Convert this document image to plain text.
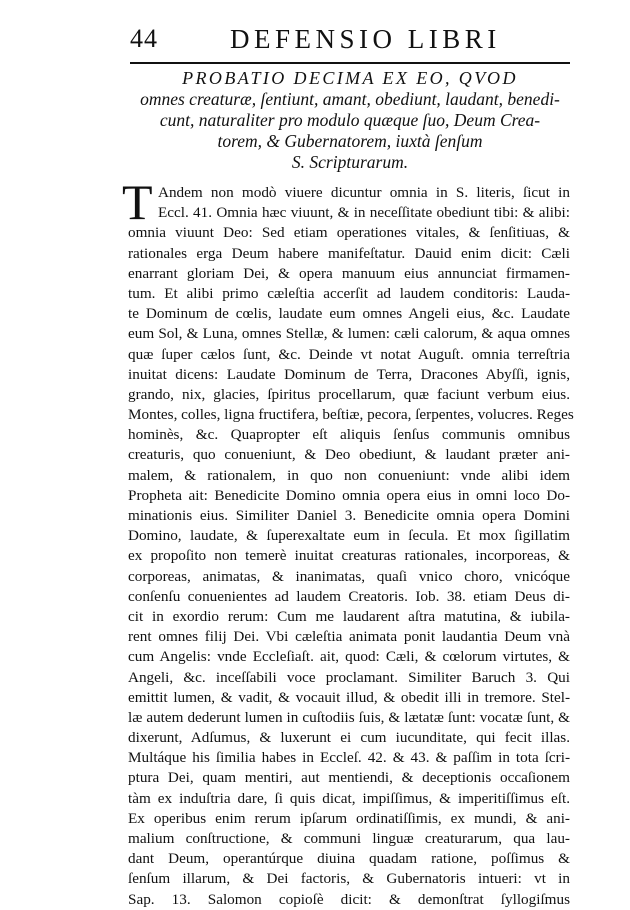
44	DEFENSIO LIBRI
PROBATIO DECIMA EX EO, QVOD
omnes creaturæ, ſentiunt, amant, obediunt, laudant, benedi-
cunt, naturaliter pro modulo quæque ſuo, Deum Crea-
torem, & Gubernatorem, iuxtà ſenſum
S. Scripturarum.
T Andem non modò viuere dicuntur omnia in S. literis, ſicut in
Eccl. 41. Omnia hæc viuunt, & in neceſſitate obediunt tibi: & alibi:
omnia viuunt Deo: Sed etiam operationes vitales, & ſenſitiuas, &
rationales erga Deum habere manifeſtatur. Dauid enim dicit: Cæli
enarrant gloriam Dei, & opera manuum eius annunciat firmamen-
tum. Et alibi primo cæleſtia accerſit ad laudem conditoris: Lauda-
te Dominum de cœlis, laudate eum omnes Angeli eius, &c. Laudate
eum Sol, & Luna, omnes Stellæ, & lumen: cæli calorum, & aqua omnes
quæ ſuper cælos ſunt, &c. Deinde vt notat Auguſt. omnia terreſtria
inuitat dicens: Laudate Dominum de Terra, Dracones Abyſſi, ignis,
grando, nix, glacies, ſpiritus procellarum, quæ faciunt verbum eius.
Montes, colles, ligna fructifera, beſtiæ, pecora, ſerpentes, volucres. Reges
hominès, &c. Quapropter eſt aliquis ſenſus communis omnibus
creaturis, quo conueniunt, & Deo obediunt, & laudant præter ani-
malem, & rationalem, in quo non conueniunt: vnde alibi idem
Propheta ait: Benedicite Domino omnia opera eius in omni loco Do-
minationis eius. Similiter Daniel 3. Benedicite omnia opera Domini
Domino, laudate, & ſuperexaltate eum in ſecula. Et mox ſigillatim
ex propoſito non temerè inuitat creaturas rationales, incorporeas, &
corporeas, animatas, & inanimatas, quaſi vnico choro, vnicóque
conſenſu conuenientes ad laudem Creatoris. Iob. 38. etiam Deus di-
cit in exordio rerum: Cum me laudarent aſtra matutina, & iubila-
rent omnes filij Dei. Vbi cæleſtia animata ponit laudantia Deum vnà
cum Angelis: vnde Eccleſiaſt. ait, quod: Cæli, & cœlorum virtutes, &
Angeli, &c. inceſſabili voce proclamant. Similiter Baruch 3. Qui
emittit lumen, & vadit, & vocauit illud, & obedit illi in tremore. Stel-
læ autem dederunt lumen in cuſtodiis ſuis, & lætatæ ſunt: vocatæ ſunt, &
dixerunt, Adſumus, & luxerunt ei cum iucunditate, qui fecit illas.
Multáque his ſimilia habes in Eccleſ. 42. & 43. & paſſim in tota ſcri-
ptura Dei, quam mentiri, aut mentiendi, & deceptionis occaſionem
tàm ex induſtria dare, ſi quis dicat, impiſſimus, & imperitiſſimus eſt.
Ex operibus enim rerum ipſarum ordinatiſſimis, ex mundi, & ani-
malium conſtructione, & communi linguæ creaturarum, qua lau-
dant Deum, operantúrque diuina quadam ratione, poſſimus &
ſenſum illarum, & Dei factoris, & Gubernatoris intueri: vt in
Sap. 13. Salomon copioſè dicit: & demonſtrat ſyllogiſmus
